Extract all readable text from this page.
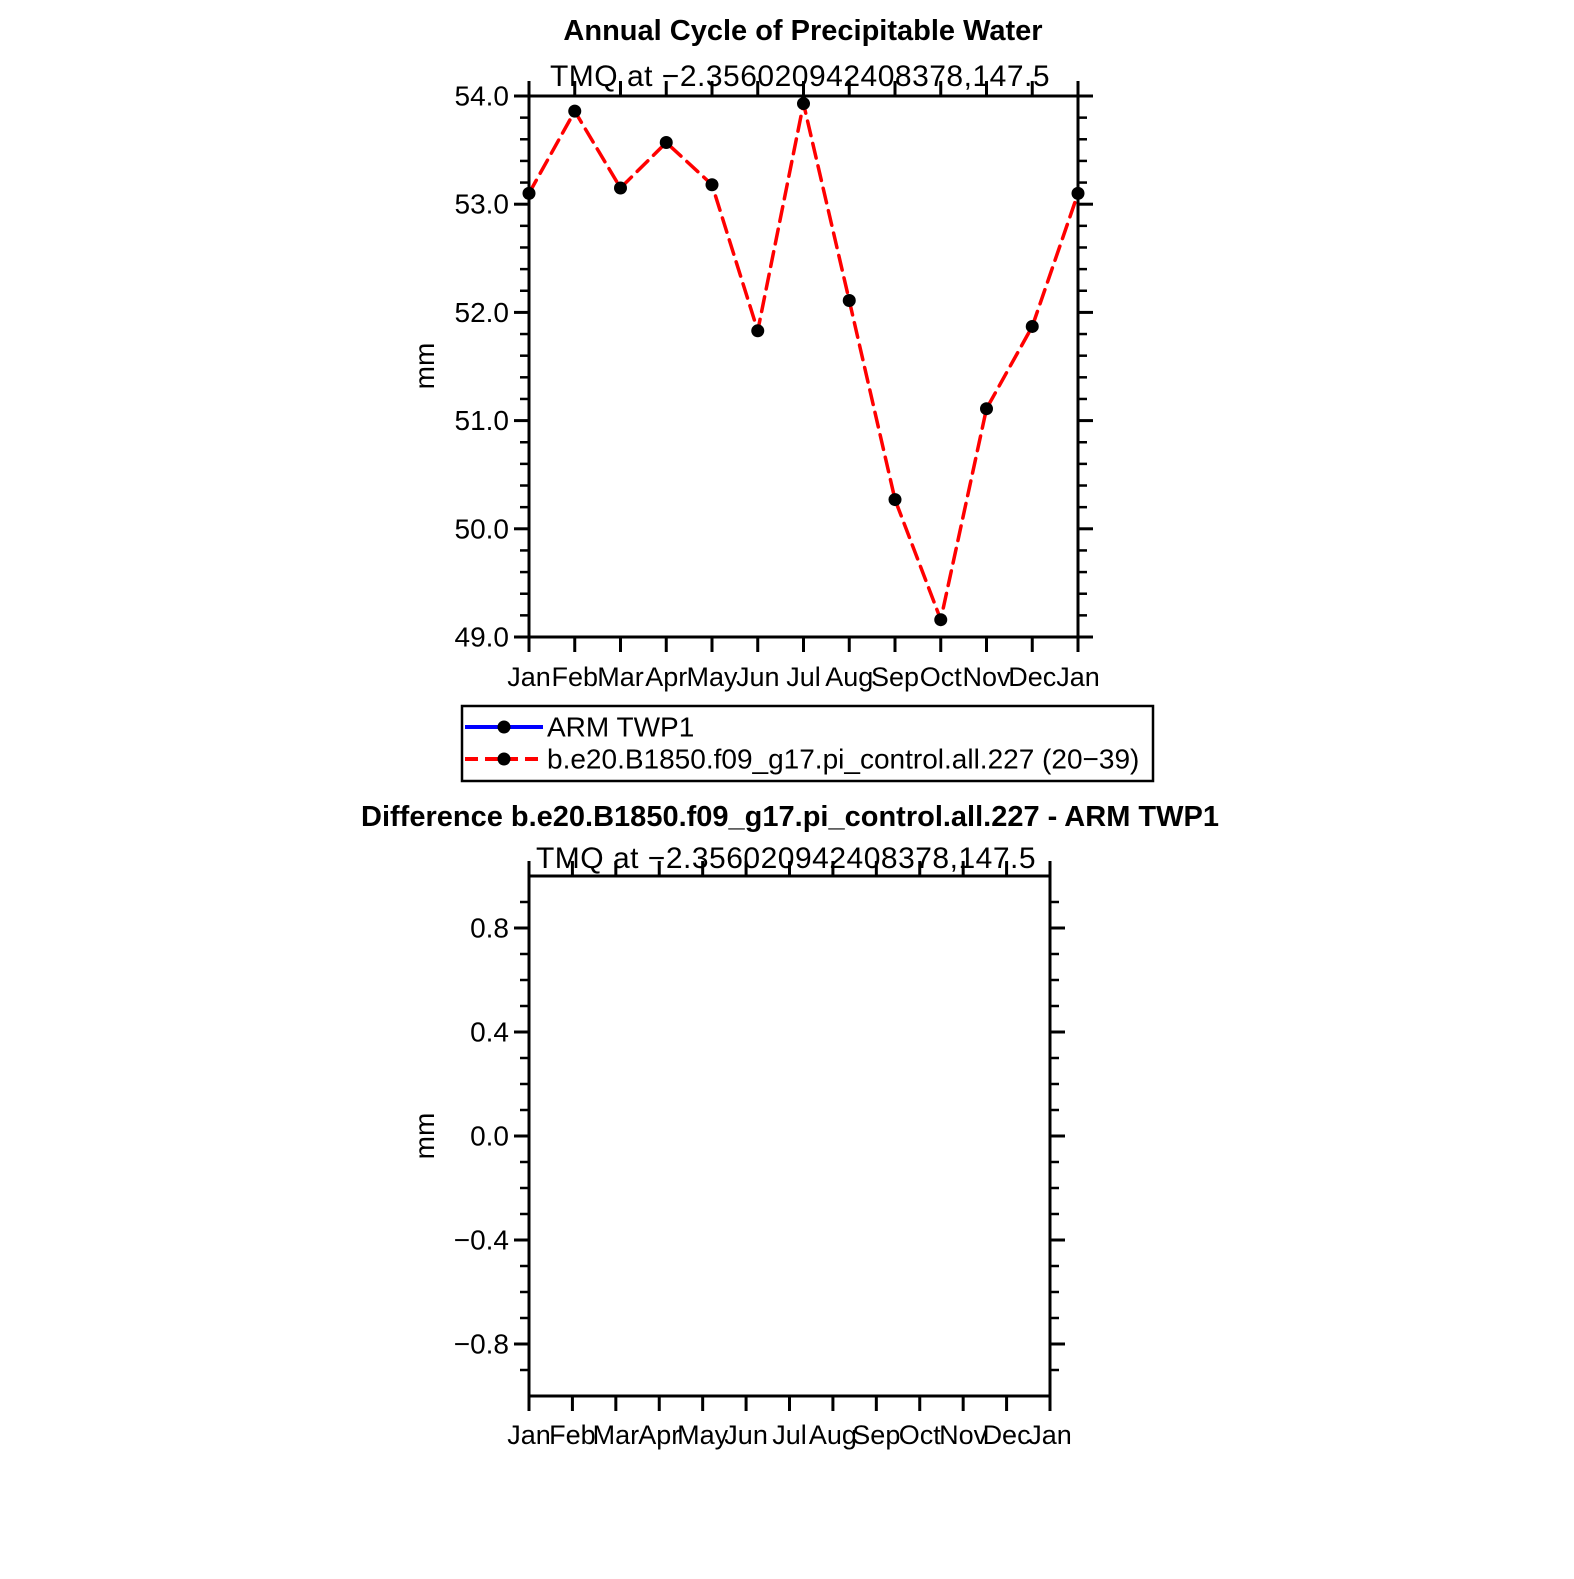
Annual Cycle of Precipitable Water
TMQ at −2.356020942408378,147.5
mm
49.0
50.0
51.0
52.0
53.0
54.0
Jan Feb Mar Apr May
Jun Jul Aug
Sep Oct Nov
Dec Jan
ARM TWP1
b.e20.B1850.f09_g17.pi_control.all.227 (20−39)
Difference b.e20.B1850.f09_g17.pi_control.all.227 - ARM TWP1
TMQ at −2.356020942408378,147.5
mm
−0.8
−0.4
0.0
0.4
0.8
Jan
Feb
Mar Apr
May
Jun Jul Aug
Sep
Oct
Nov
Dec
Jan
